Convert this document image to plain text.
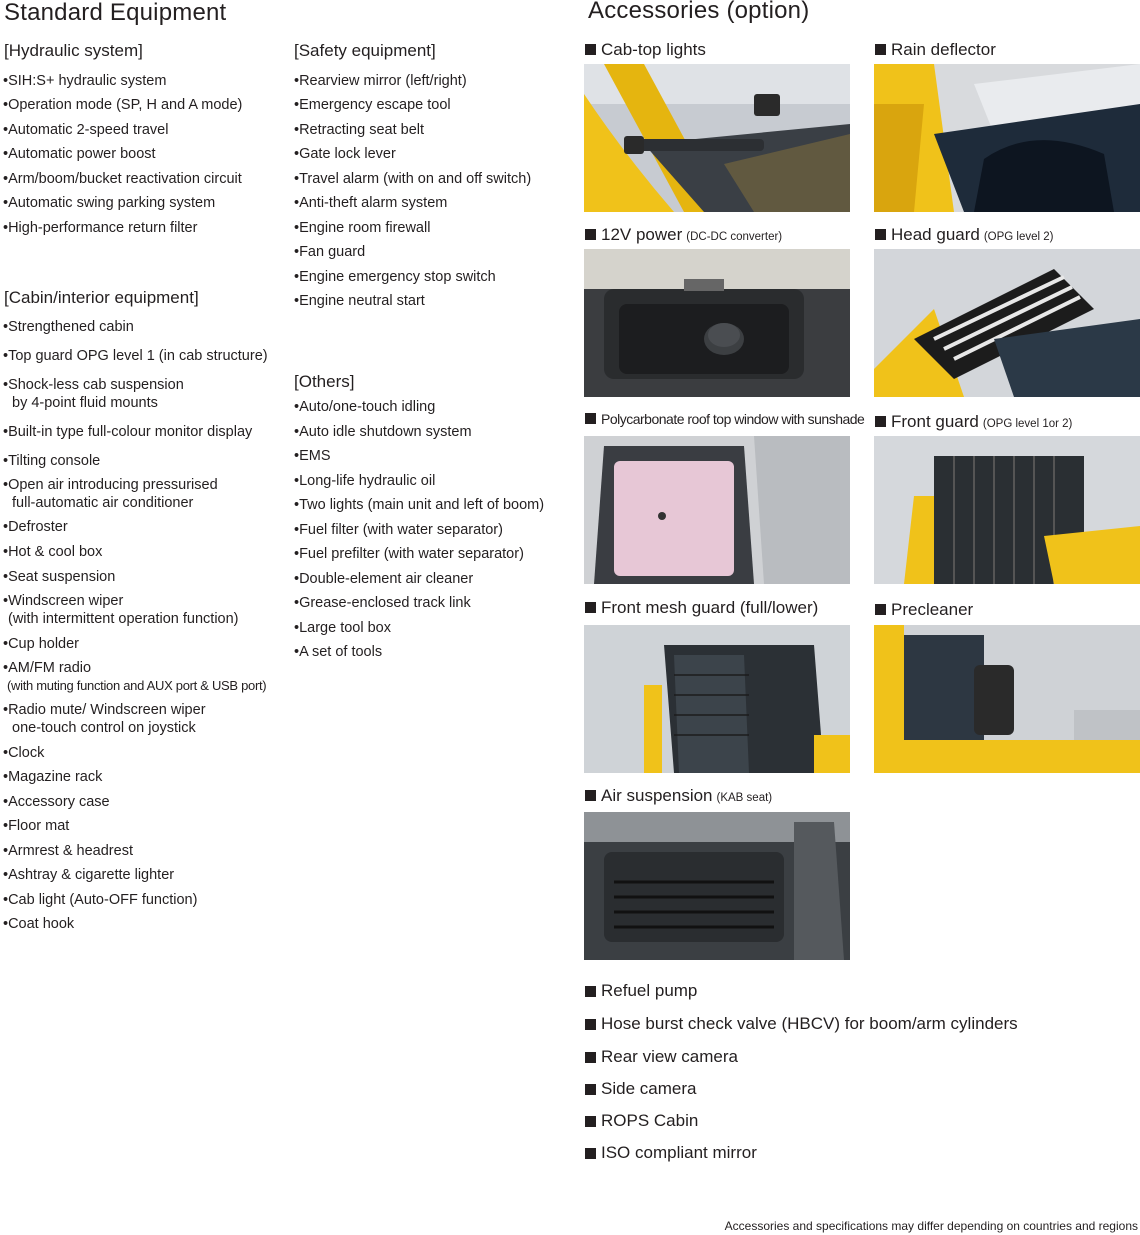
Standard Equipment
[Hydraulic system]
•SIH:S+ hydraulic system
•Operation mode (SP, H and A mode)
•Automatic 2-speed travel
•Automatic power boost
•Arm/boom/bucket reactivation circuit
•Automatic swing parking system
•High-performance return filter
[Cabin/interior equipment]
•Strengthened cabin
•Top guard OPG level 1 (in cab structure)
•Shock-less cab suspension
by 4-point fluid mounts
•Built-in type full-colour monitor display
•Tilting console
•Open air introducing pressurised
full-automatic air conditioner
•Defroster
•Hot & cool box
•Seat suspension
•Windscreen wiper
(with intermittent operation function)
•Cup holder
•AM/FM radio
(with muting function and AUX port & USB port)
•Radio mute/ Windscreen wiper
one-touch control on joystick
•Clock
•Magazine rack
•Accessory case
•Floor mat
•Armrest & headrest
•Ashtray & cigarette lighter
•Cab light (Auto-OFF function)
•Coat hook
[Safety equipment]
•Rearview mirror (left/right)
•Emergency escape tool
•Retracting seat belt
•Gate lock lever
•Travel alarm (with on and off switch)
•Anti-theft alarm system
•Engine room firewall
•Fan guard
•Engine emergency stop switch
•Engine neutral start
[Others]
•Auto/one-touch idling
•Auto idle shutdown system
•EMS
•Long-life hydraulic oil
•Two lights (main unit and left of boom)
•Fuel filter (with water separator)
•Fuel prefilter (with water separator)
•Double-element air cleaner
•Grease-enclosed track link
•Large tool box
•A set of tools
Accessories (option)
Cab-top lights	Rain deflector
12V power (DC-DC converter)	Head guard (OPG level 2)
Polycarbonate roof top window with sunshade Front guard (OPG level 1or 2)
Front mesh guard (full/lower)	Precleaner
Air suspension (KAB seat)
Refuel pump
Hose burst check valve (HBCV) for boom/arm cylinders
Rear view camera
Side camera
ROPS Cabin
ISO compliant mirror
Accessories and specifications may differ depending on countries and regions
